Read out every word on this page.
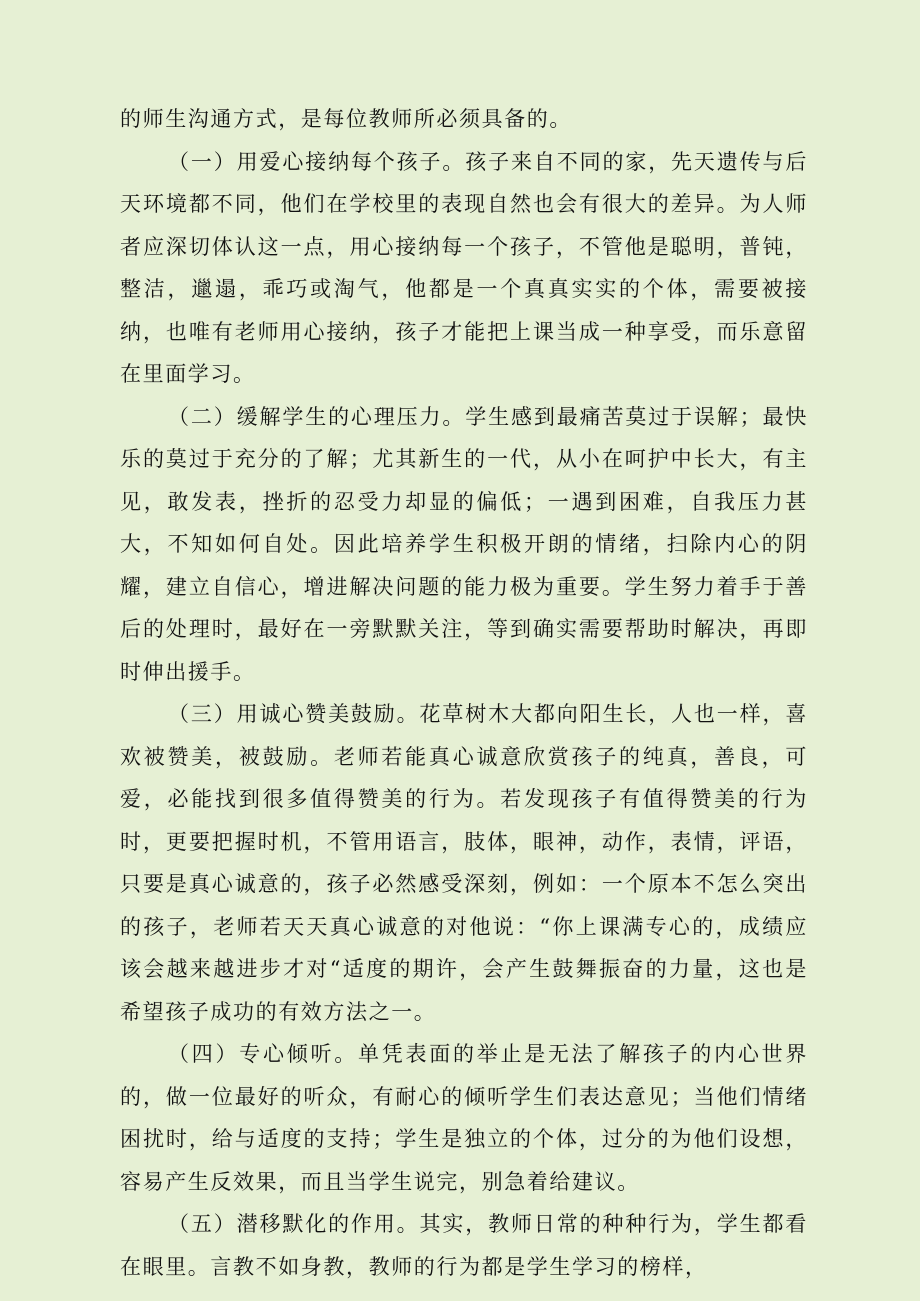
的师生沟通方式，是每位教师所必须具备的。

（一）用爱心接纳每个孩子。孩子来自不同的家，先天遗传与后天环境都不同，他们在学校里的表现自然也会有很大的差异。为人师者应深切体认这一点，用心接纳每一个孩子，不管他是聪明，普钝，整洁，邋遢，乖巧或淘气，他都是一个真真实实的个体，需要被接纳，也唯有老师用心接纳，孩子才能把上课当成一种享受，而乐意留在里面学习。

（二）缓解学生的心理压力。学生感到最痛苦莫过于误解；最快乐的莫过于充分的了解；尤其新生的一代，从小在呵护中长大，有主见，敢发表，挫折的忍受力却显的偏低；一遇到困难，自我压力甚大，不知如何自处。因此培养学生积极开朗的情绪，扫除内心的阴耀，建立自信心，增进解决问题的能力极为重要。学生努力着手于善后的处理时，最好在一旁默默关注，等到确实需要帮助时解决，再即时伸出援手。

（三）用诚心赞美鼓励。花草树木大都向阳生长，人也一样，喜欢被赞美，被鼓励。老师若能真心诚意欣赏孩子的纯真，善良，可爱，必能找到很多值得赞美的行为。若发现孩子有值得赞美的行为时，更要把握时机，不管用语言，肢体，眼神，动作，表情，评语，只要是真心诚意的，孩子必然感受深刻，例如：一个原本不怎么突出的孩子，老师若天天真心诚意的对他说：“你上课满专心的，成绩应该会越来越进步才对“适度的期许，会产生鼓舞振奋的力量，这也是希望孩子成功的有效方法之一。

（四）专心倾听。单凭表面的举止是无法了解孩子的内心世界的，做一位最好的听众，有耐心的倾听学生们表达意见；当他们情绪困扰时，给与适度的支持；学生是独立的个体，过分的为他们设想，容易产生反效果，而且当学生说完，别急着给建议。

（五）潜移默化的作用。其实，教师日常的种种行为，学生都看在眼里。言教不如身教，教师的行为都是学生学习的榜样，
